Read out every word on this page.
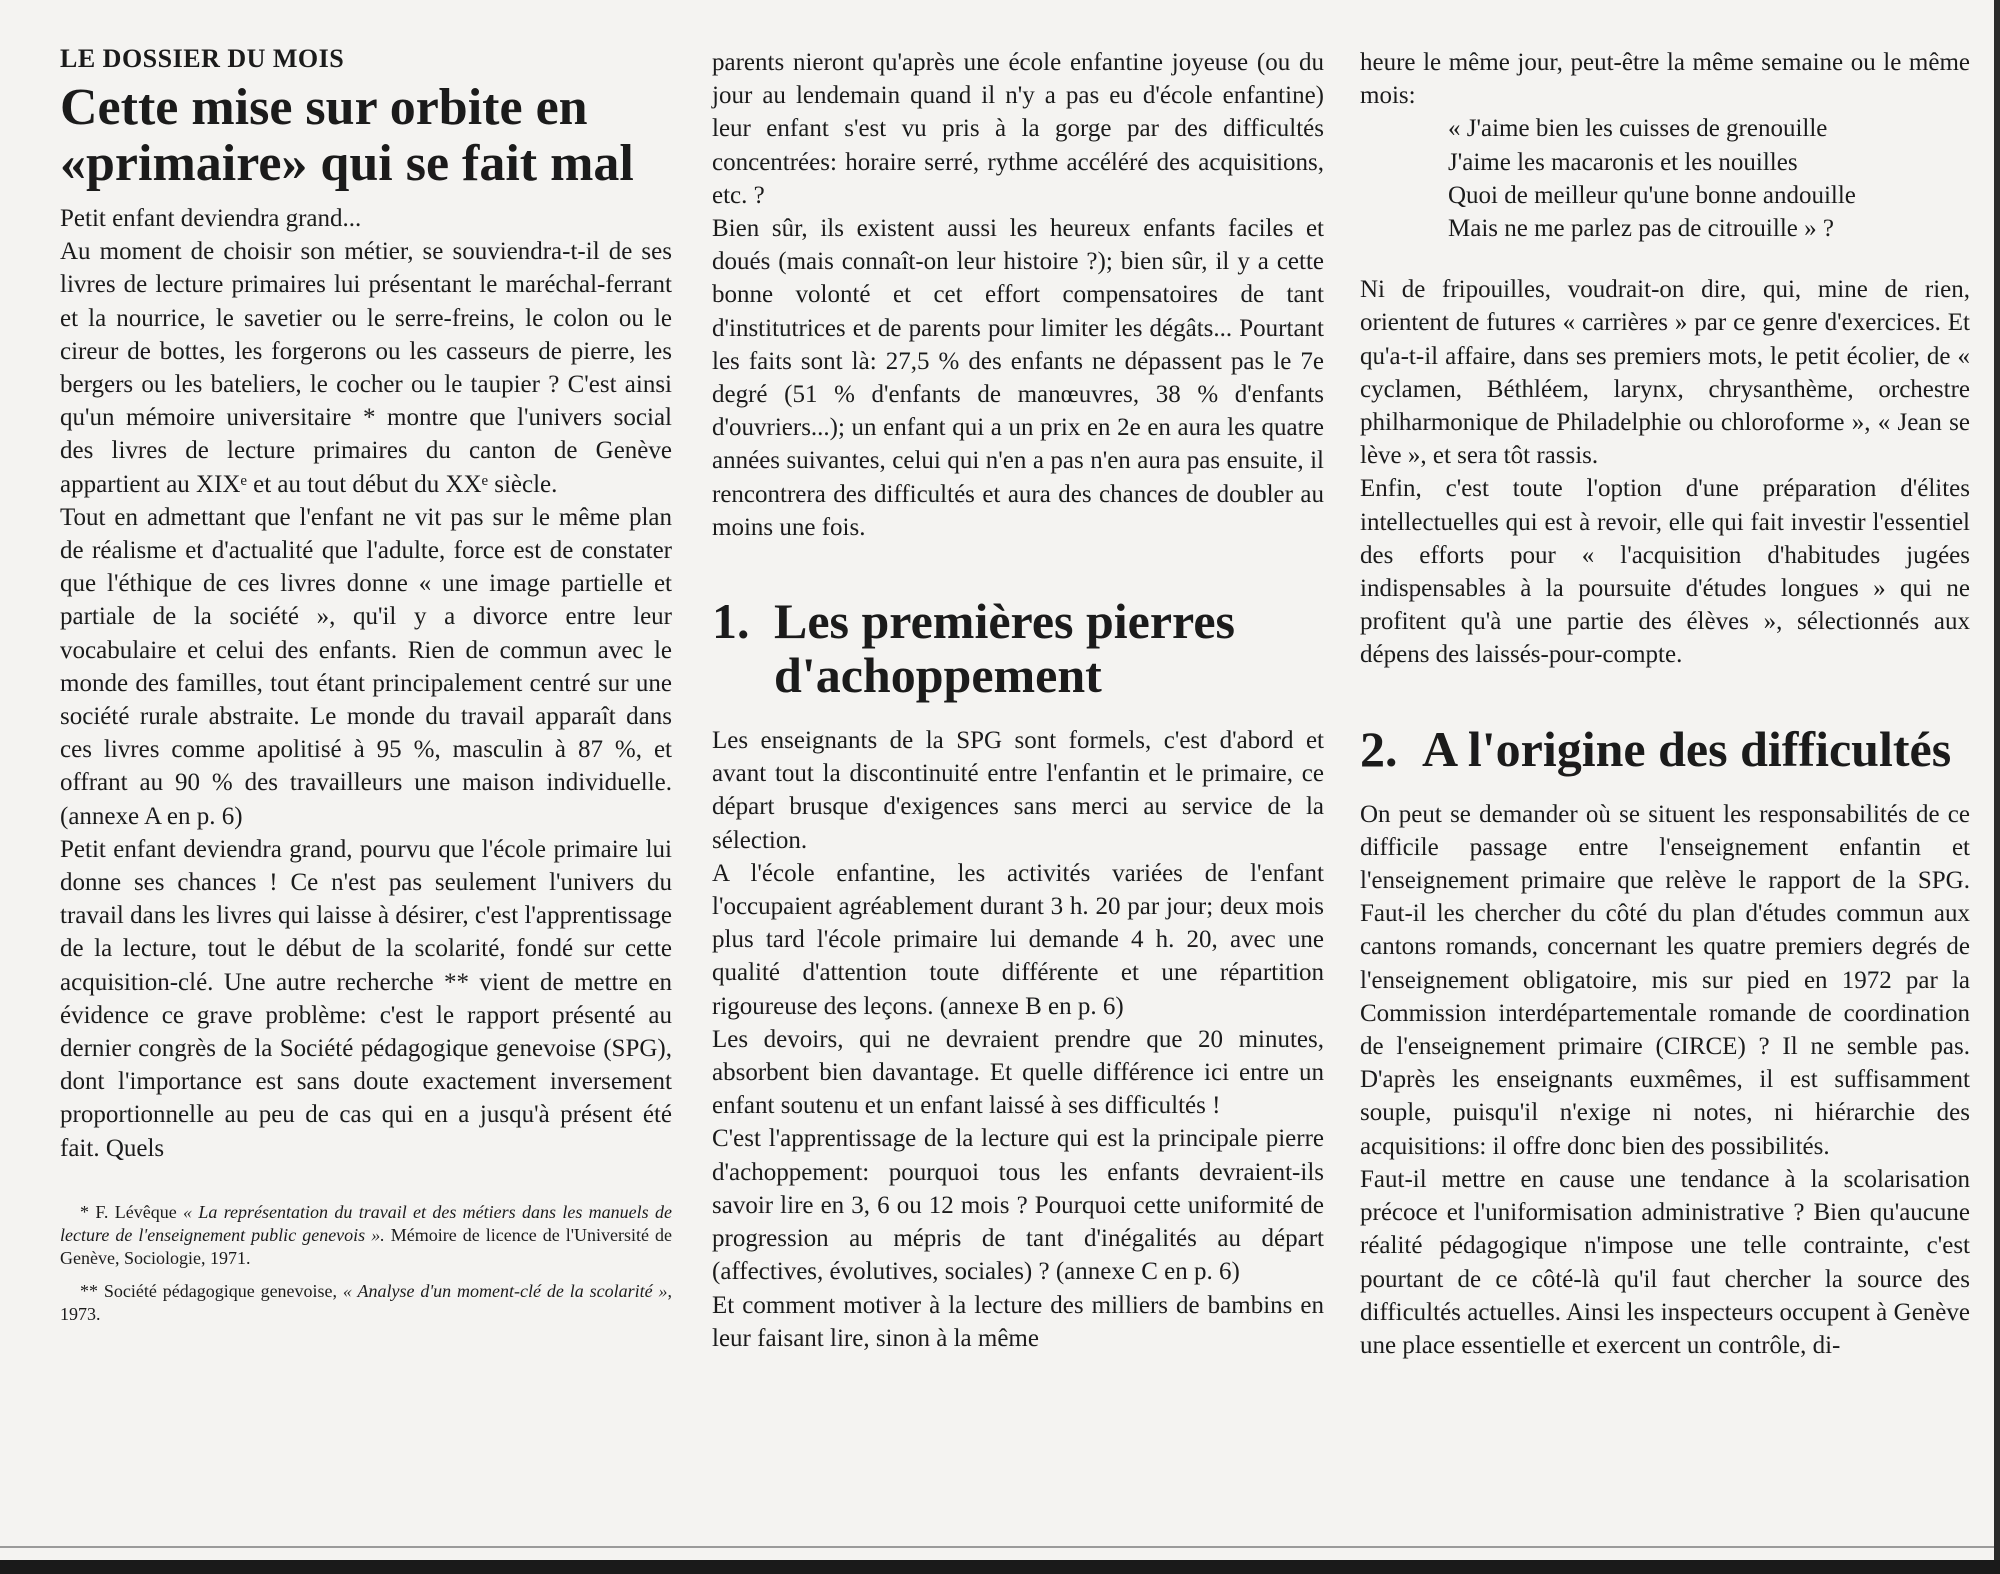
LE DOSSIER DU MOIS
Cette mise sur orbite en «primaire» qui se fait mal

Petit enfant deviendra grand...

Au moment de choisir son métier, se souviendra-t-il de ses livres de lecture primaires lui présentant le maréchal-ferrant et la nourrice, le savetier ou le serre-freins, le colon ou le cireur de bottes, les forgerons ou les casseurs de pierre, les bergers ou les bateliers, le cocher ou le taupier ? C'est ainsi qu'un mémoire universitaire * montre que l'univers social des livres de lecture primaires du canton de Genève appartient au XIXᵉ et au tout début du XXᵉ siècle.

Tout en admettant que l'enfant ne vit pas sur le même plan de réalisme et d'actualité que l'adulte, force est de constater que l'éthique de ces livres donne « une image partielle et partiale de la société », qu'il y a divorce entre leur vocabulaire et celui des enfants. Rien de commun avec le monde des familles, tout étant principalement centré sur une société rurale abstraite. Le monde du travail apparaît dans ces livres comme apolitisé à 95 %, masculin à 87 %, et offrant au 90 % des travailleurs une maison individuelle. (annexe A en p. 6)

Petit enfant deviendra grand, pourvu que l'école primaire lui donne ses chances ! Ce n'est pas seulement l'univers du travail dans les livres qui laisse à désirer, c'est l'apprentissage de la lecture, tout le début de la scolarité, fondé sur cette acquisition-clé. Une autre recherche ** vient de mettre en évidence ce grave problème: c'est le rapport présenté au dernier congrès de la Société pédagogique genevoise (SPG), dont l'importance est sans doute exactement inversement proportionnelle au peu de cas qui en a jusqu'à présent été fait. Quels

* F. Lévêque « La représentation du travail et des métiers dans les manuels de lecture de l'enseignement public genevois ». Mémoire de licence de l'Université de Genève, Sociologie, 1971.

** Société pédagogique genevoise, « Analyse d'un moment-clé de la scolarité », 1973.

parents nieront qu'après une école enfantine joyeuse (ou du jour au lendemain quand il n'y a pas eu d'école enfantine) leur enfant s'est vu pris à la gorge par des difficultés concentrées: horaire serré, rythme accéléré des acquisitions, etc. ?

Bien sûr, ils existent aussi les heureux enfants faciles et doués (mais connaît-on leur histoire ?); bien sûr, il y a cette bonne volonté et cet effort compensatoires de tant d'institutrices et de parents pour limiter les dégâts... Pourtant les faits sont là: 27,5 % des enfants ne dépassent pas le 7e degré (51 % d'enfants de manœuvres, 38 % d'enfants d'ouvriers...); un enfant qui a un prix en 2e en aura les quatre années suivantes, celui qui n'en a pas n'en aura pas ensuite, il rencontrera des difficultés et aura des chances de doubler au moins une fois.

1. Les premières pierres d'achoppement

Les enseignants de la SPG sont formels, c'est d'abord et avant tout la discontinuité entre l'enfantin et le primaire, ce départ brusque d'exigences sans merci au service de la sélection.

A l'école enfantine, les activités variées de l'enfant l'occupaient agréablement durant 3 h. 20 par jour; deux mois plus tard l'école primaire lui demande 4 h. 20, avec une qualité d'attention toute différente et une répartition rigoureuse des leçons. (annexe B en p. 6)

Les devoirs, qui ne devraient prendre que 20 minutes, absorbent bien davantage. Et quelle différence ici entre un enfant soutenu et un enfant laissé à ses difficultés !

C'est l'apprentissage de la lecture qui est la principale pierre d'achoppement: pourquoi tous les enfants devraient-ils savoir lire en 3, 6 ou 12 mois ? Pourquoi cette uniformité de progression au mépris de tant d'inégalités au départ (affectives, évolutives, sociales) ? (annexe C en p. 6)

Et comment motiver à la lecture des milliers de bambins en leur faisant lire, sinon à la même

heure le même jour, peut-être la même semaine ou le même mois:

« J'aime bien les cuisses de grenouille
J'aime les macaronis et les nouilles
Quoi de meilleur qu'une bonne andouille
Mais ne me parlez pas de citrouille » ?

Ni de fripouilles, voudrait-on dire, qui, mine de rien, orientent de futures « carrières » par ce genre d'exercices. Et qu'a-t-il affaire, dans ses premiers mots, le petit écolier, de « cyclamen, Béthléem, larynx, chrysanthème, orchestre philharmonique de Philadelphie ou chloroforme », « Jean se lève », et sera tôt rassis.

Enfin, c'est toute l'option d'une préparation d'élites intellectuelles qui est à revoir, elle qui fait investir l'essentiel des efforts pour « l'acquisition d'habitudes jugées indispensables à la poursuite d'études longues » qui ne profitent qu'à une partie des élèves », sélectionnés aux dépens des laissés-pour-compte.

2. A l'origine des difficultés

On peut se demander où se situent les responsabilités de ce difficile passage entre l'enseignement enfantin et l'enseignement primaire que relève le rapport de la SPG. Faut-il les chercher du côté du plan d'études commun aux cantons romands, concernant les quatre premiers degrés de l'enseignement obligatoire, mis sur pied en 1972 par la Commission interdépartementale romande de coordination de l'enseignement primaire (CIRCE) ? Il ne semble pas. D'après les enseignants euxmêmes, il est suffisamment souple, puisqu'il n'exige ni notes, ni hiérarchie des acquisitions: il offre donc bien des possibilités.

Faut-il mettre en cause une tendance à la scolarisation précoce et l'uniformisation administrative ? Bien qu'aucune réalité pédagogique n'impose une telle contrainte, c'est pourtant de ce côté-là qu'il faut chercher la source des difficultés actuelles. Ainsi les inspecteurs occupent à Genève une place essentielle et exercent un contrôle, di-
